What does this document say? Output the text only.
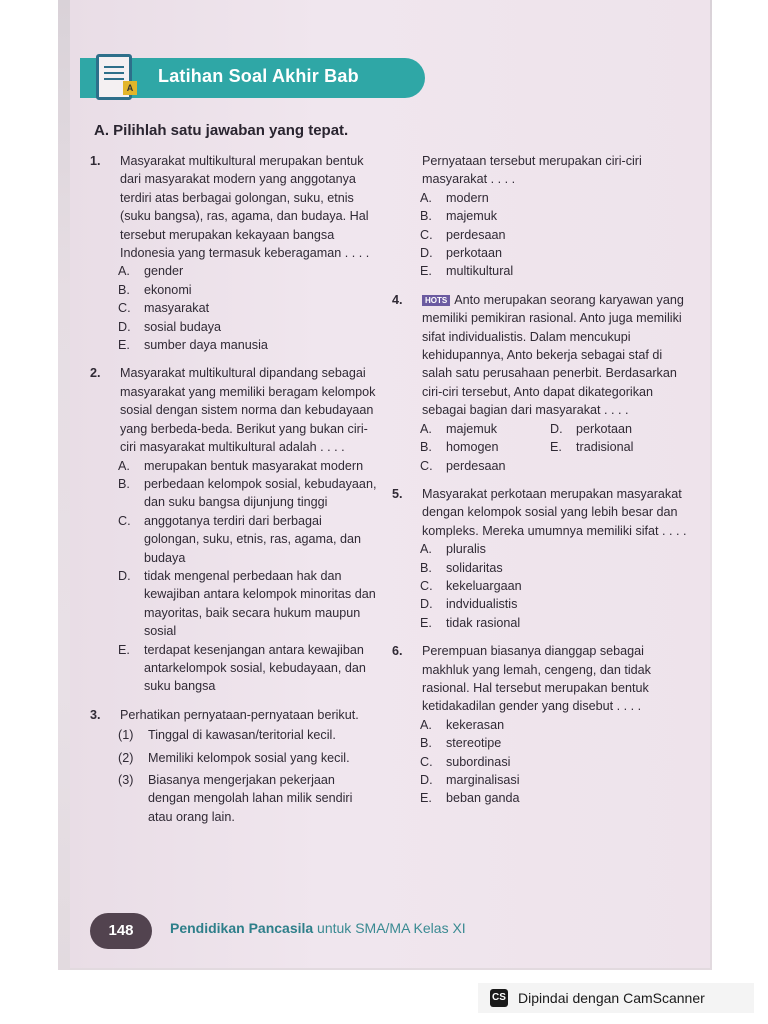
A
Latihan Soal Akhir Bab
A. Pilihlah satu jawaban yang tepat.
1. Masyarakat multikultural merupakan bentuk dari masyarakat modern yang anggotanya terdiri atas berbagai golongan, suku, etnis (suku bangsa), ras, agama, dan budaya. Hal tersebut merupakan kekayaan bangsa Indonesia yang termasuk keberagaman . . . .
A. gender
B. ekonomi
C. masyarakat
D. sosial budaya
E. sumber daya manusia
2. Masyarakat multikultural dipandang sebagai masyarakat yang memiliki beragam kelompok sosial dengan sistem norma dan kebudayaan yang berbeda-beda. Berikut yang bukan ciri-ciri masyarakat multikultural adalah . . . .
A. merupakan bentuk masyarakat modern
B. perbedaan kelompok sosial, kebudayaan, dan suku bangsa dijunjung tinggi
C. anggotanya terdiri dari berbagai golongan, suku, etnis, ras, agama, dan budaya
D. tidak mengenal perbedaan hak dan kewajiban antara kelompok minoritas dan mayoritas, baik secara hukum maupun sosial
E. terdapat kesenjangan antara kewajiban antarkelompok sosial, kebudayaan, dan suku bangsa
3. Perhatikan pernyataan-pernyataan berikut.
(1) Tinggal di kawasan/teritorial kecil.
(2) Memiliki kelompok sosial yang kecil.
(3) Biasanya mengerjakan pekerjaan dengan mengolah lahan milik sendiri atau orang lain.
Pernyataan tersebut merupakan ciri-ciri masyarakat . . . .
A. modern
B. majemuk
C. perdesaan
D. perkotaan
E. multikultural
4.	HOTS Anto merupakan seorang karyawan yang memiliki pemikiran rasional. Anto juga memiliki sifat individualistis. Dalam mencukupi kehidupannya, Anto bekerja sebagai staf di salah satu perusahaan penerbit. Berdasarkan ciri-ciri tersebut, Anto dapat dikategorikan sebagai bagian dari masyarakat . . . .
A. majemuk	D. perkotaan
B. homogen	E. tradisional
C. perdesaan
5. Masyarakat perkotaan merupakan masyarakat dengan kelompok sosial yang lebih besar dan kompleks. Mereka umumnya memiliki sifat . . . .
A. pluralis
B. solidaritas
C. kekeluargaan
D. indvidualistis
E. tidak rasional
6. Perempuan biasanya dianggap sebagai makhluk yang lemah, cengeng, dan tidak rasional. Hal tersebut merupakan bentuk ketidakadilan gender yang disebut . . . .
A. kekerasan
B. stereotipe
C. subordinasi
D. marginalisasi
E. beban ganda
148	Pendidikan Pancasila untuk SMA/MA Kelas XI
CS Dipindai dengan CamScanner
